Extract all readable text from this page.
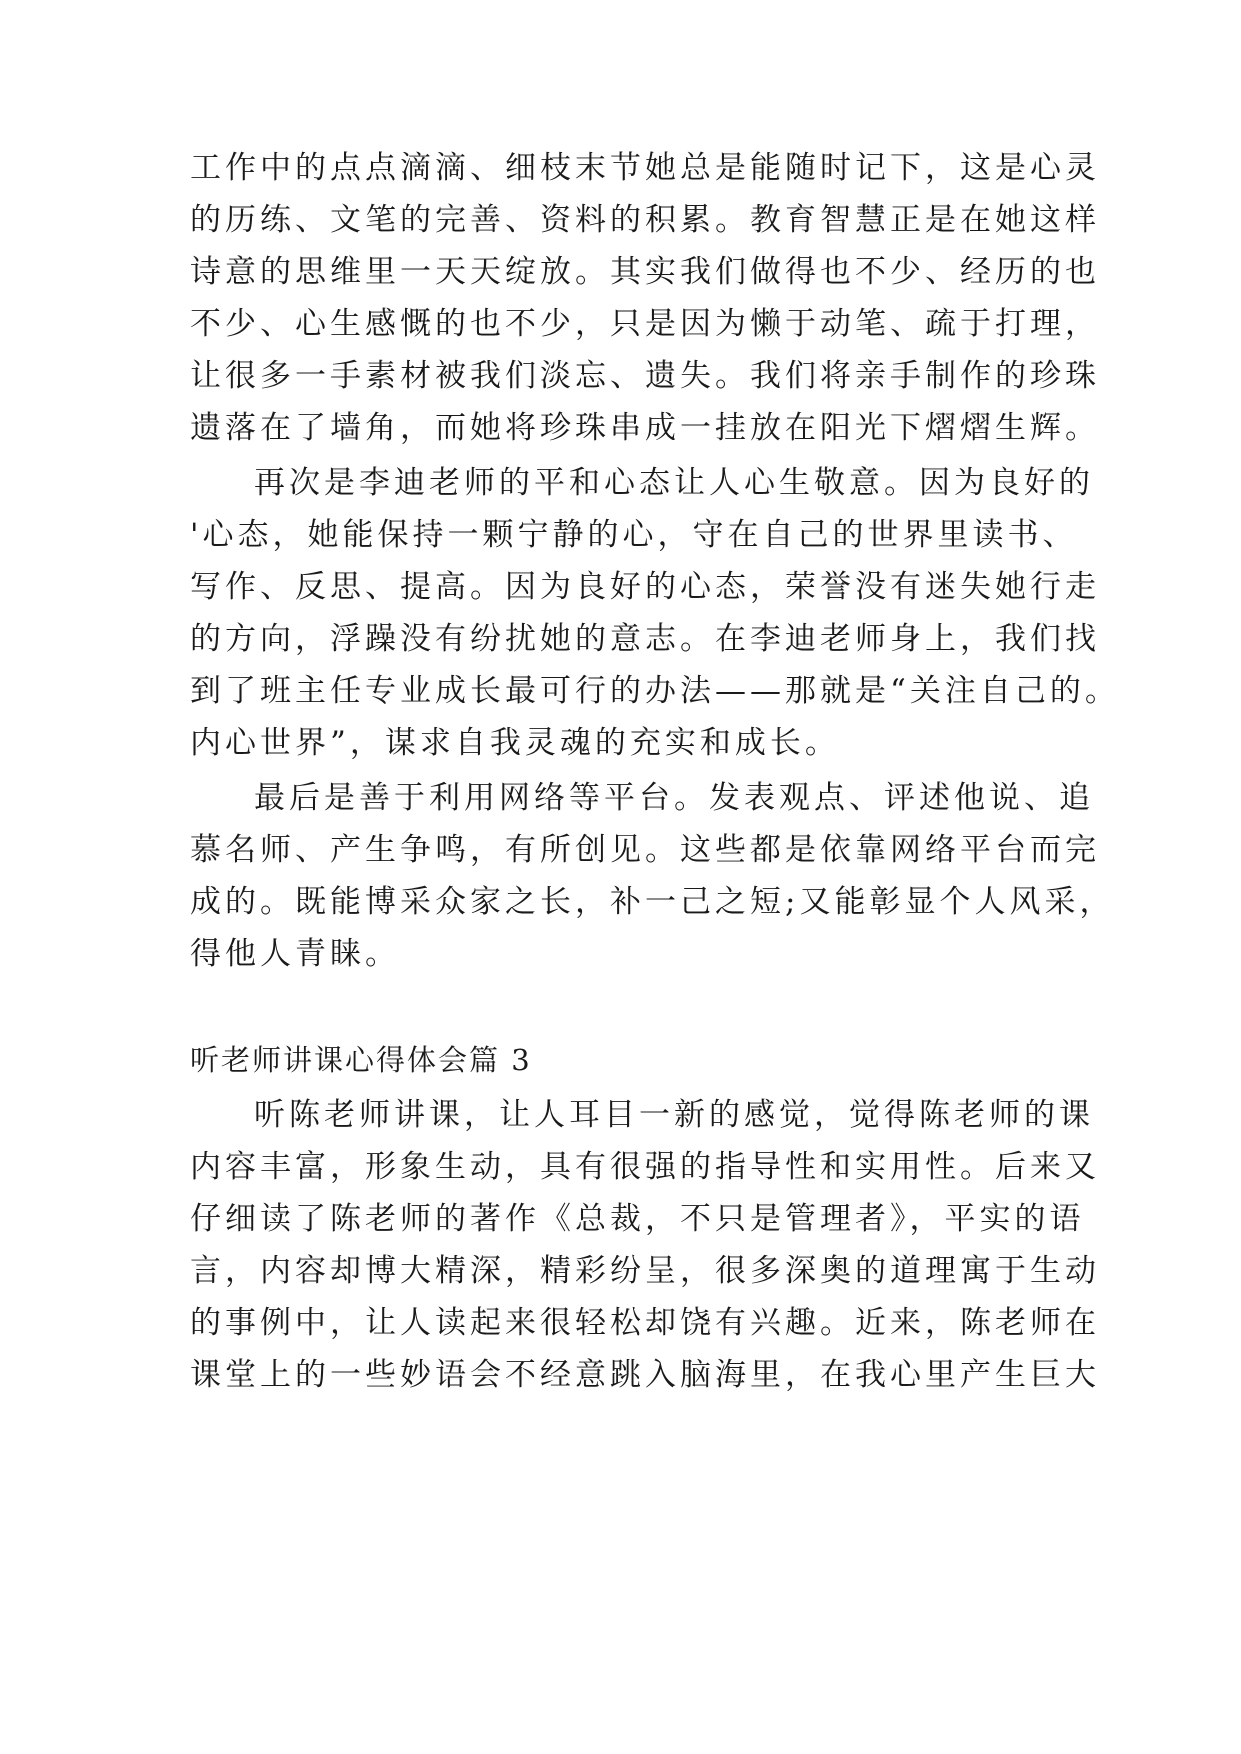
工作中的点点滴滴、细枝末节她总是能随时记下，这是心灵
的历练、文笔的完善、资料的积累。教育智慧正是在她这样
诗意的思维里一天天绽放。其实我们做得也不少、经历的也
不少、心生感慨的也不少，只是因为懒于动笔、疏于打理，
让很多一手素材被我们淡忘、遗失。我们将亲手制作的珍珠
遗落在了墙角，而她将珍珠串成一挂放在阳光下熠熠生辉。
再次是李迪老师的平和心态让人心生敬意。因为良好的
'心态，她能保持一颗宁静的心，守在自己的世界里读书、
写作、反思、提高。因为良好的心态，荣誉没有迷失她行走
的方向，浮躁没有纷扰她的意志。在李迪老师身上，我们找
到了班主任专业成长最可行的办法——那就是“关注自己的。
内心世界”，谋求自我灵魂的充实和成长。
最后是善于利用网络等平台。发表观点、评述他说、追
慕名师、产生争鸣，有所创见。这些都是依靠网络平台而完
成的。既能博采众家之长，补一己之短;又能彰显个人风采，
得他人青睐。
听老师讲课心得体会篇 3
听陈老师讲课，让人耳目一新的感觉，觉得陈老师的课
内容丰富，形象生动，具有很强的指导性和实用性。后来又
仔细读了陈老师的著作《总裁，不只是管理者》，平实的语
言，内容却博大精深，精彩纷呈，很多深奥的道理寓于生动
的事例中，让人读起来很轻松却饶有兴趣。近来，陈老师在
课堂上的一些妙语会不经意跳入脑海里，在我心里产生巨大
